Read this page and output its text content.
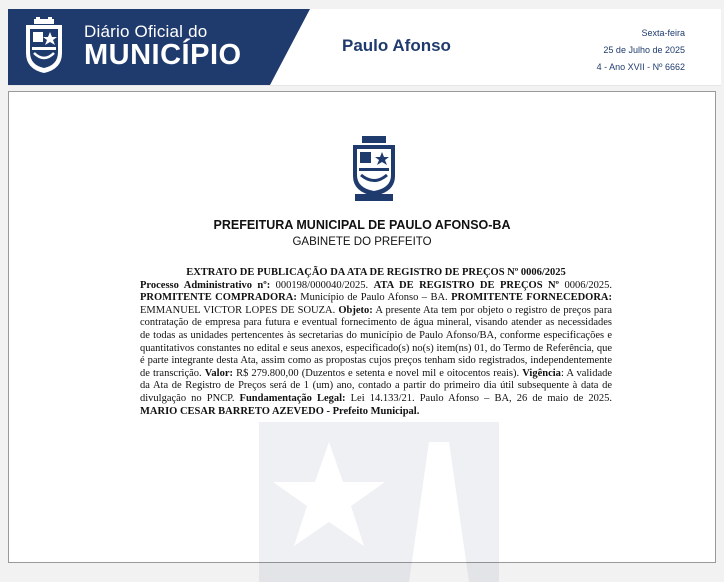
Diário Oficial do
MUNICÍPIO	Paulo Afonso
Sexta-feira
25 de Julho de 2025
4 - Ano XVII - Nº 6662
PREFEITURA MUNICIPAL DE PAULO AFONSO-BA
GABINETE DO PREFEITO
EXTRATO DE PUBLICAÇÃO DA ATA DE REGISTRO DE PREÇOS Nº 0006/2025
Processo Administrativo nº: 000198/000040/2025. ATA DE REGISTRO DE PREÇOS Nº 0006/2025. PROMITENTE COMPRADORA: Município de Paulo Afonso – BA. PROMITENTE FORNECEDORA: EMMANUEL VICTOR LOPES DE SOUZA. Objeto: A presente Ata tem por objeto o registro de preços para contratação de empresa para futura e eventual fornecimento de água mineral, visando atender as necessidades de todas as unidades pertencentes às secretarias do município de Paulo Afonso/BA, conforme especificações e quantitativos constantes no edital e seus anexos, especificado(s) no(s) item(ns) 01, do Termo de Referência, que é parte integrante desta Ata, assim como as propostas cujos preços tenham sido registrados, independentemente de transcrição. Valor: R$ 279.800,00 (Duzentos e setenta e novel mil e oitocentos reais). Vigência: A validade da Ata de Registro de Preços será de 1 (um) ano, contado a partir do primeiro dia útil subsequente à data de divulgação no PNCP. Fundamentação Legal: Lei 14.133/21. Paulo Afonso – BA, 26 de maio de 2025. MARIO CESAR BARRETO AZEVEDO - Prefeito Municipal.
